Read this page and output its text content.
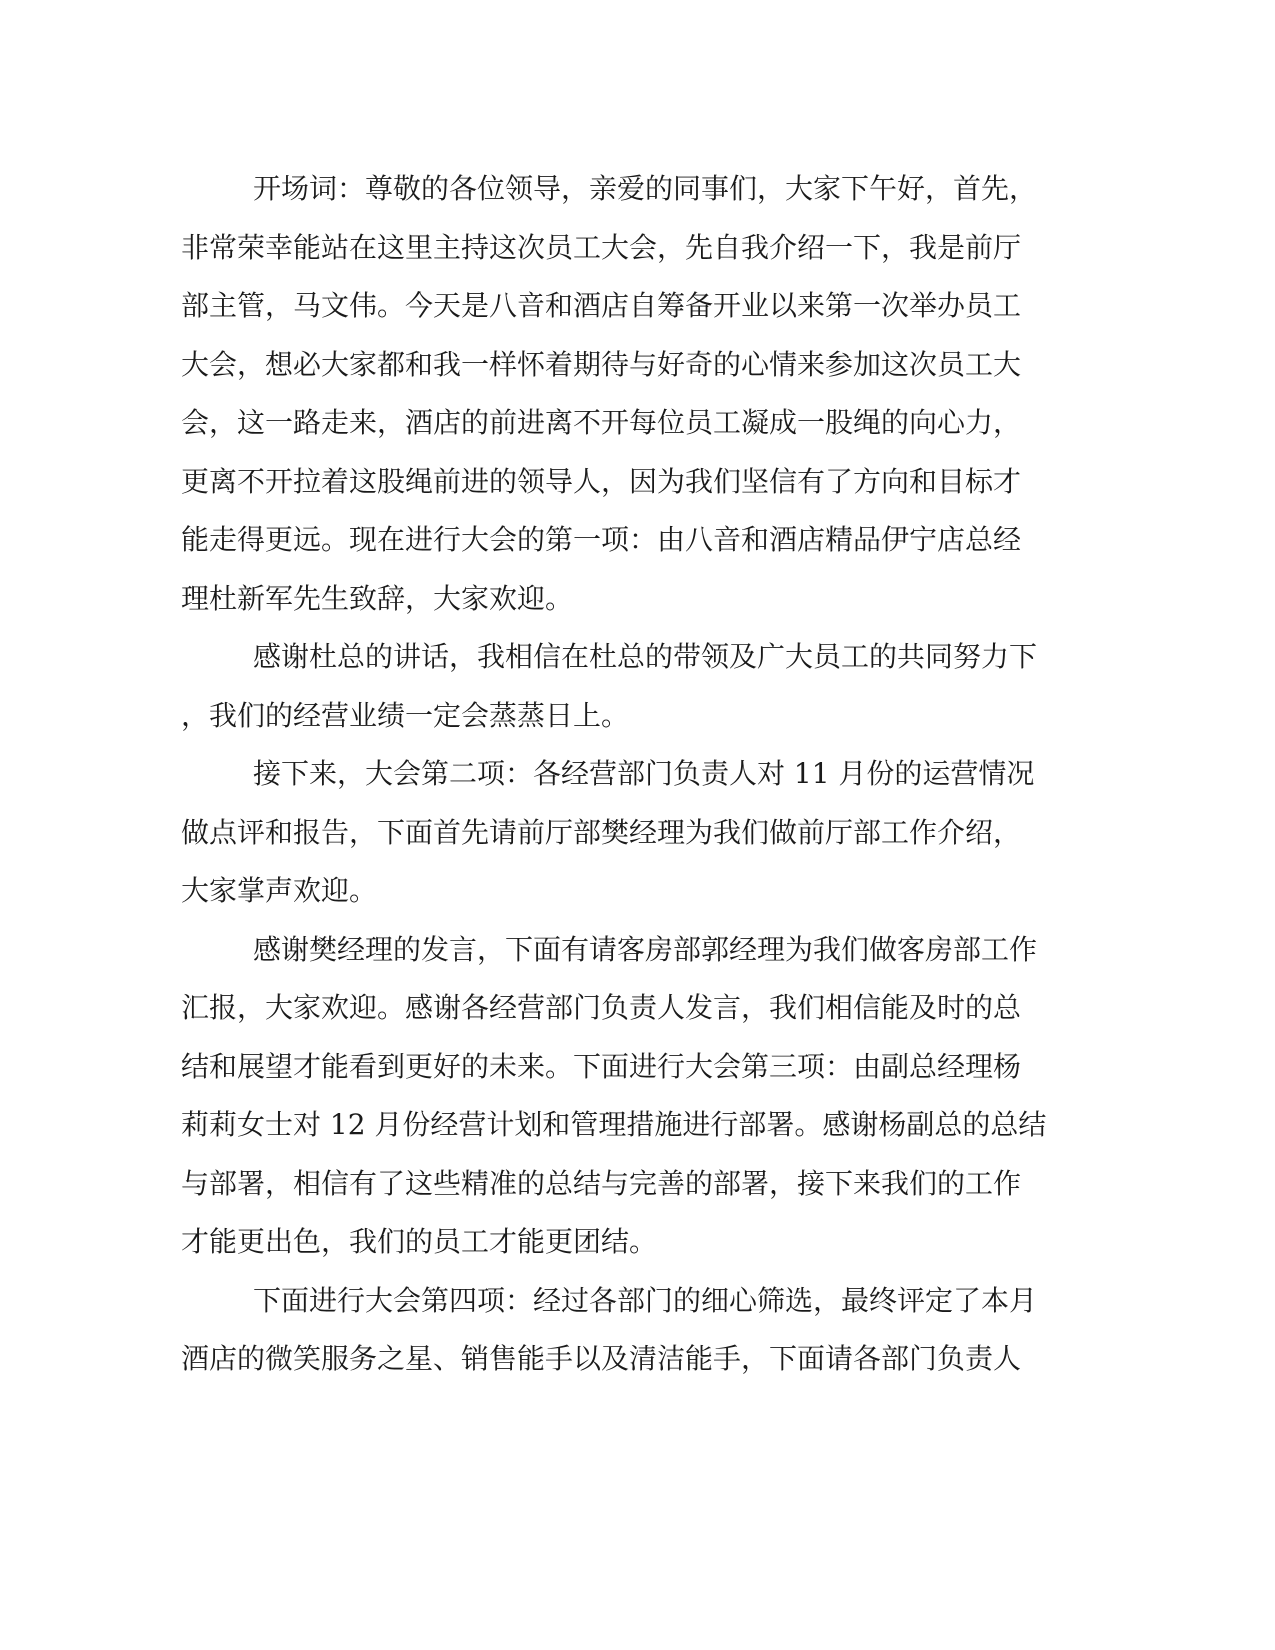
开场词：尊敬的各位领导，亲爱的同事们，大家下午好，首先，
非常荣幸能站在这里主持这次员工大会，先自我介绍一下，我是前厅
部主管，马文伟。今天是八音和酒店自筹备开业以来第一次举办员工
大会，想必大家都和我一样怀着期待与好奇的心情来参加这次员工大
会，这一路走来，酒店的前进离不开每位员工凝成一股绳的向心力，
更离不开拉着这股绳前进的领导人，因为我们坚信有了方向和目标才
能走得更远。现在进行大会的第一项：由八音和酒店精品伊宁店总经
理杜新军先生致辞，大家欢迎。
感谢杜总的讲话，我相信在杜总的带领及广大员工的共同努力下
，我们的经营业绩一定会蒸蒸日上。
接下来，大会第二项：各经营部门负责人对 11 月份的运营情况
做点评和报告，下面首先请前厅部樊经理为我们做前厅部工作介绍，
大家掌声欢迎。
感谢樊经理的发言，下面有请客房部郭经理为我们做客房部工作
汇报，大家欢迎。感谢各经营部门负责人发言，我们相信能及时的总
结和展望才能看到更好的未来。下面进行大会第三项：由副总经理杨
莉莉女士对 12 月份经营计划和管理措施进行部署。感谢杨副总的总结
与部署，相信有了这些精准的总结与完善的部署，接下来我们的工作
才能更出色，我们的员工才能更团结。
下面进行大会第四项：经过各部门的细心筛选，最终评定了本月
酒店的微笑服务之星、销售能手以及清洁能手，下面请各部门负责人
